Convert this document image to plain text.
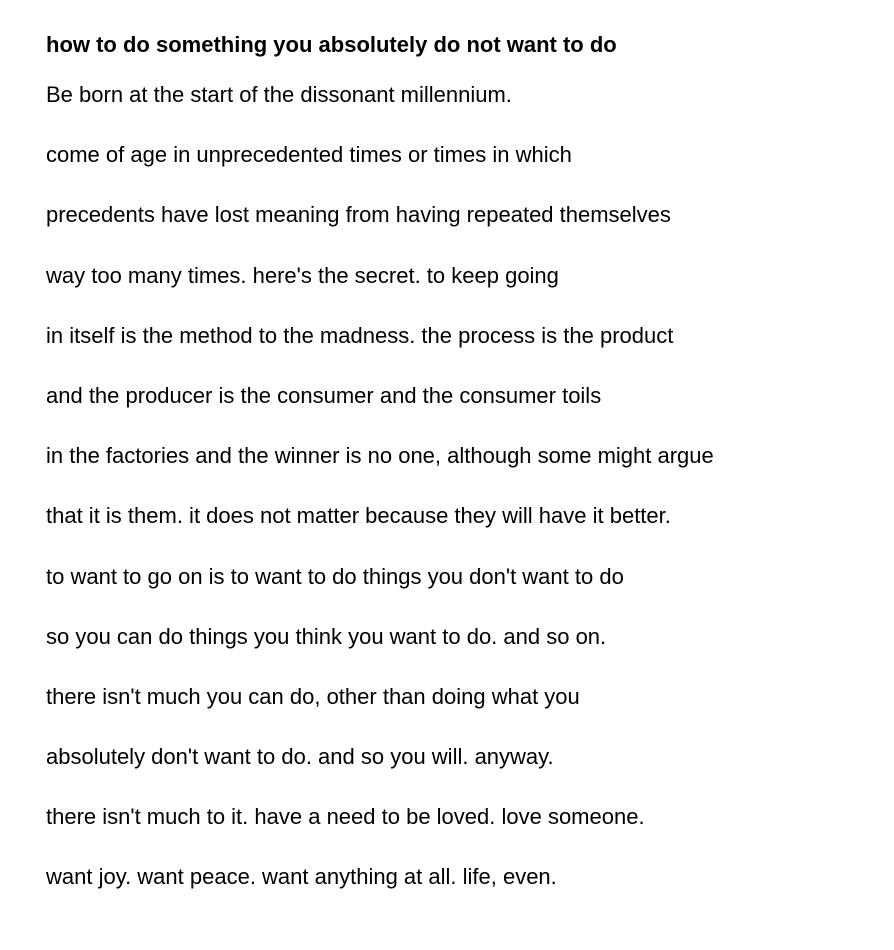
how to do something you absolutely do not want to do
Be born at the start of the dissonant millennium.
come of age in unprecedented times or times in which
precedents have lost meaning from having repeated themselves
way too many times. here's the secret. to keep going
in itself is the method to the madness. the process is the product
and the producer is the consumer and the consumer toils
in the factories and the winner is no one, although some might argue
that it is them. it does not matter because they will have it better.
to want to go on is to want to do things you don't want to do
so you can do things you think you want to do. and so on.
there isn't much you can do, other than doing what you
absolutely don't want to do. and so you will. anyway.
there isn't much to it. have a need to be loved. love someone.
want joy. want peace. want anything at all. life, even.
